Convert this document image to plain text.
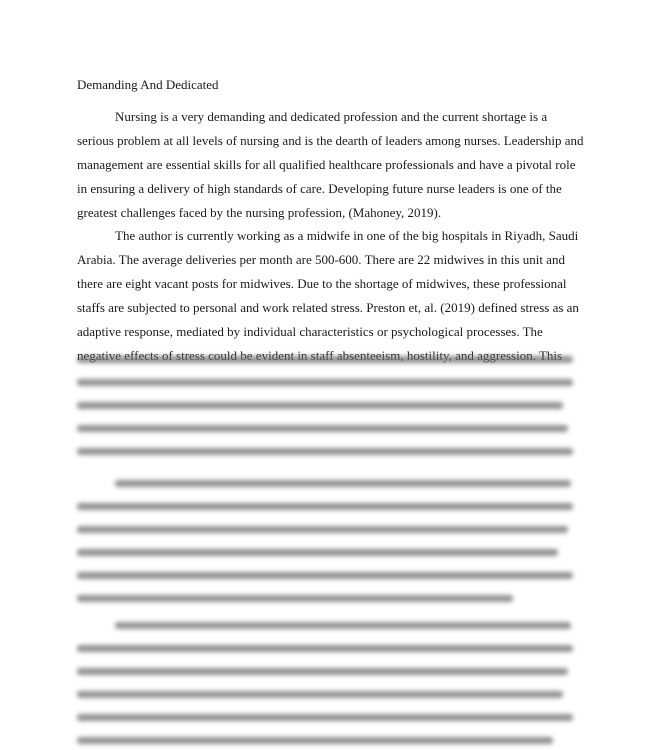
Demanding And Dedicated

Nursing is a very demanding and dedicated profession and the current shortage is a
serious problem at all levels of nursing and is the dearth of leaders among nurses. Leadership and
management are essential skills for all qualified healthcare professionals and have a pivotal role
in ensuring a delivery of high standards of care. Developing future nurse leaders is one of the
greatest challenges faced by the nursing profession, (Mahoney, 2019).

The author is currently working as a midwife in one of the big hospitals in Riyadh, Saudi
Arabia. The average deliveries per month are 500-600. There are 22 midwives in this unit and
there are eight vacant posts for midwives. Due to the shortage of midwives, these professional
staffs are subjected to personal and work related stress. Preston et, al. (2019) defined stress as an
adaptive response, mediated by individual characteristics or psychological processes. The
